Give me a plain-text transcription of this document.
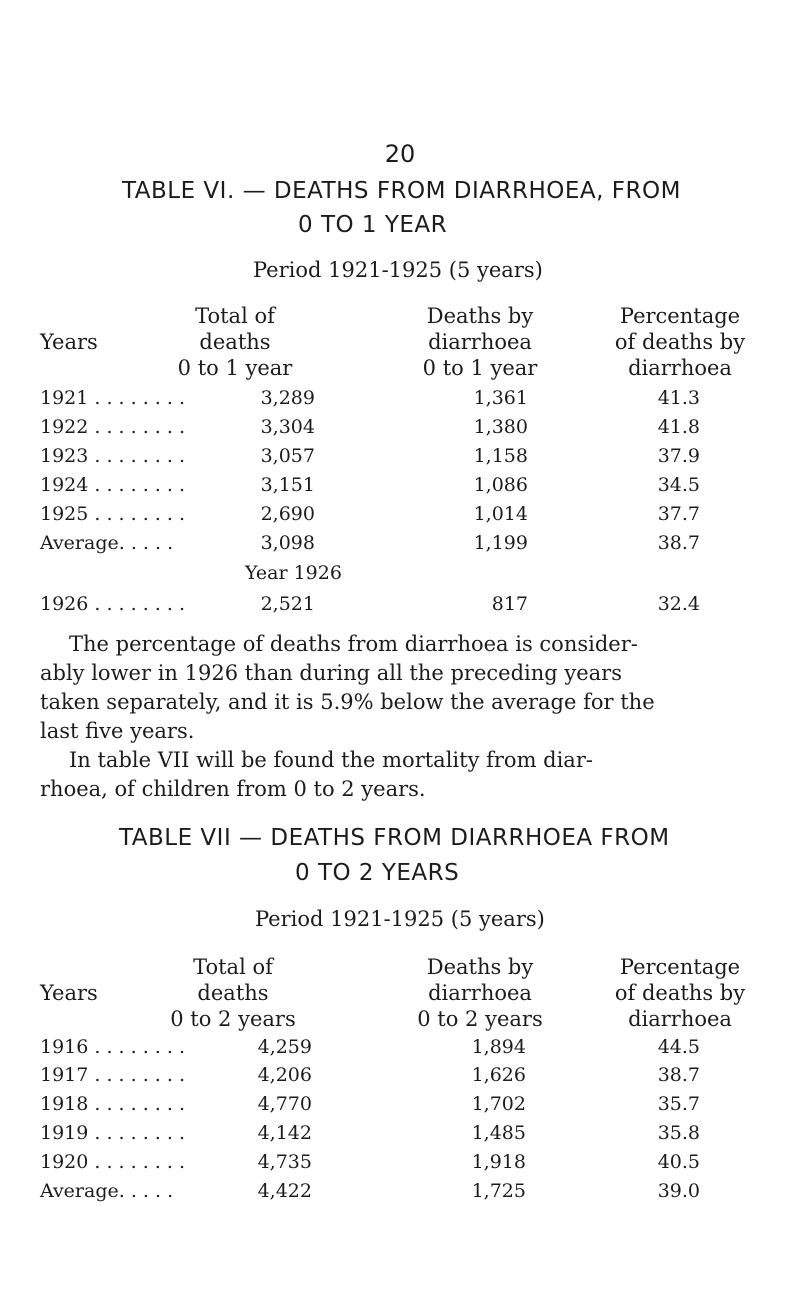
20
TABLE VI. — DEATHS FROM DIARRHOEA, FROM
0 TO 1 YEAR
Period 1921-1925 (5 years)
Total of
deaths
0 to 1 year
Deaths by
diarrhoea
0 to 1 year
Percentage
of deaths by
diarrhoea
Years
1921 . . . . . . . .	3,289	1,361	41.3
1922 . . . . . . . .	3,304	1,380	41.8
1923 . . . . . . . .	3,057	1,158	37.9
1924 . . . . . . . .	3,151	1,086	34.5
1925 . . . . . . . .	2,690	1,014	37.7
Average. . . . .	3,098	1,199	38.7
Year 1926
1926 . . . . . . . .	2,521	817	32.4
The percentage of deaths from diarrhoea is consider-
ably lower in 1926 than during all the preceding years
taken separately, and it is 5.9% below the average for the
last five years.
In table VII will be found the mortality from diar-
rhoea, of children from 0 to 2 years.
TABLE VII — DEATHS FROM DIARRHOEA FROM
0 TO 2 YEARS
Period 1921-1925 (5 years)
Total of
deaths
0 to 2 years
Deaths by
diarrhoea
0 to 2 years
Percentage
of deaths by
diarrhoea
Years
1916 . . . . . . . .	4,259	1,894	44.5
1917 . . . . . . . .	4,206	1,626	38.7
1918 . . . . . . . .	4,770	1,702	35.7
1919 . . . . . . . .	4,142	1,485	35.8
1920 . . . . . . . .	4,735	1,918	40.5
Average. . . . .	4,422	1,725	39.0
